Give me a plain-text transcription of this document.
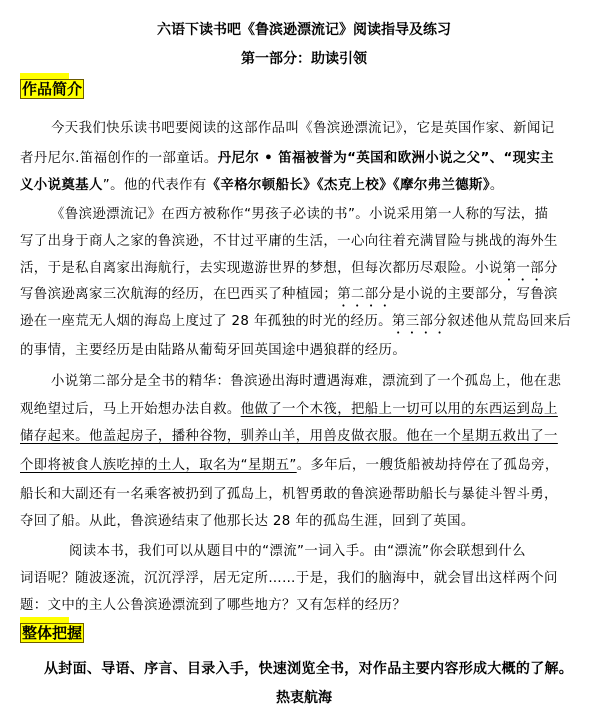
六语下读书吧《鲁滨逊漂流记》阅读指导及练习
第一部分：助读引领
作品简介
今天我们快乐读书吧要阅读的这部作品叫《鲁滨逊漂流记》，它是英国作家、新闻记
者丹尼尔.笛福创作的一部童话。丹尼尔 • 笛福被誉为“英国和欧洲小说之父”、“现实主
义小说奠基人”。他的代表作有《辛格尔顿船长》《杰克上校》《摩尔弗兰德斯》。
《鲁滨逊漂流记》在西方被称作“男孩子必读的书”。小说采用第一人称的写法，描
写了出身于商人之家的鲁滨逊，不甘过平庸的生活，一心向往着充满冒险与挑战的海外生
活，于是私自离家出海航行，去实现遨游世界的梦想，但每次都历尽艰险。小说第一部分
写鲁滨逊离家三次航海的经历，在巴西买了种植园；第二部分是小说的主要部分，写鲁滨
逊在一座荒无人烟的海岛上度过了 28 年孤独的时光的经历。第三部分叙述他从荒岛回来后
的事情，主要经历是由陆路从葡萄牙回英国途中遇狼群的经历。
小说第二部分是全书的精华：鲁滨逊出海时遭遇海难，漂流到了一个孤岛上，他在悲
观绝望过后，马上开始想办法自救。他做了一个木筏，把船上一切可以用的东西运到岛上
储存起来。他盖起房子，播种谷物，驯养山羊，用兽皮做衣服。他在一个星期五救出了一
个即将被食人族吃掉的土人，取名为“星期五”。多年后，一艘货船被劫持停在了孤岛旁，
船长和大副还有一名乘客被扔到了孤岛上，机智勇敢的鲁滨逊帮助船长与暴徒斗智斗勇，
夺回了船。从此，鲁滨逊结束了他那长达 28 年的孤岛生涯，回到了英国。
阅读本书，我们可以从题目中的“漂流”一词入手。由“漂流”你会联想到什么
词语呢？随波逐流，沉沉浮浮，居无定所……于是，我们的脑海中，就会冒出这样两个问
题：文中的主人公鲁滨逊漂流到了哪些地方？又有怎样的经历？
整体把握
从封面、导语、序言、目录入手，快速浏览全书，对作品主要内容形成大概的了解。
热衷航海
